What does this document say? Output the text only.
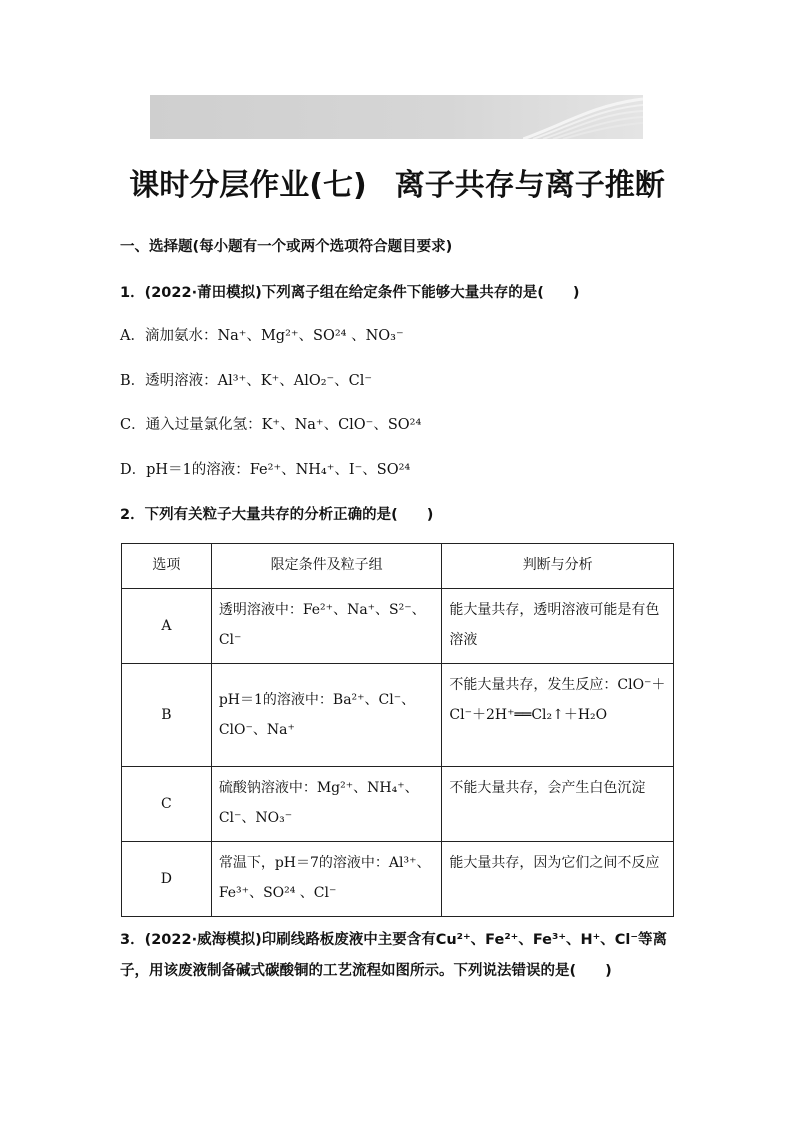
课时分层作业(七) 离子共存与离子推断
一、选择题(每小题有一个或两个选项符合题目要求)
1．(2022·莆田模拟)下列离子组在给定条件下能够大量共存的是(　　)
A．滴加氨水：Na⁺、Mg²⁺、SO²⁴ 、NO₃⁻
B．透明溶液：Al³⁺、K⁺、AlO₂⁻、Cl⁻
C．通入过量氯化氢：K⁺、Na⁺、ClO⁻、SO²⁴
D．pH＝1的溶液：Fe²⁺、NH₄⁺、I⁻、SO²⁴
2．下列有关粒子大量共存的分析正确的是(　　)
选项	限定条件及粒子组	判断与分析
A	透明溶液中：Fe²⁺、Na⁺、S²⁻、Cl⁻	能大量共存，透明溶液可能是有色溶液
B	pH＝1的溶液中：Ba²⁺、Cl⁻、ClO⁻、Na⁺	不能大量共存，发生反应：ClO⁻＋Cl⁻＋2H⁺══Cl₂↑＋H₂O
C	硫酸钠溶液中：Mg²⁺、NH₄⁺、Cl⁻、NO₃⁻	不能大量共存，会产生白色沉淀
D	常温下，pH＝7的溶液中：Al³⁺、Fe³⁺、SO²⁴ 、Cl⁻	能大量共存，因为它们之间不反应
3．(2022·威海模拟)印刷线路板废液中主要含有Cu²⁺、Fe²⁺、Fe³⁺、H⁺、Cl⁻等离子，用该废液制备碱式碳酸铜的工艺流程如图所示。下列说法错误的是(　　)
